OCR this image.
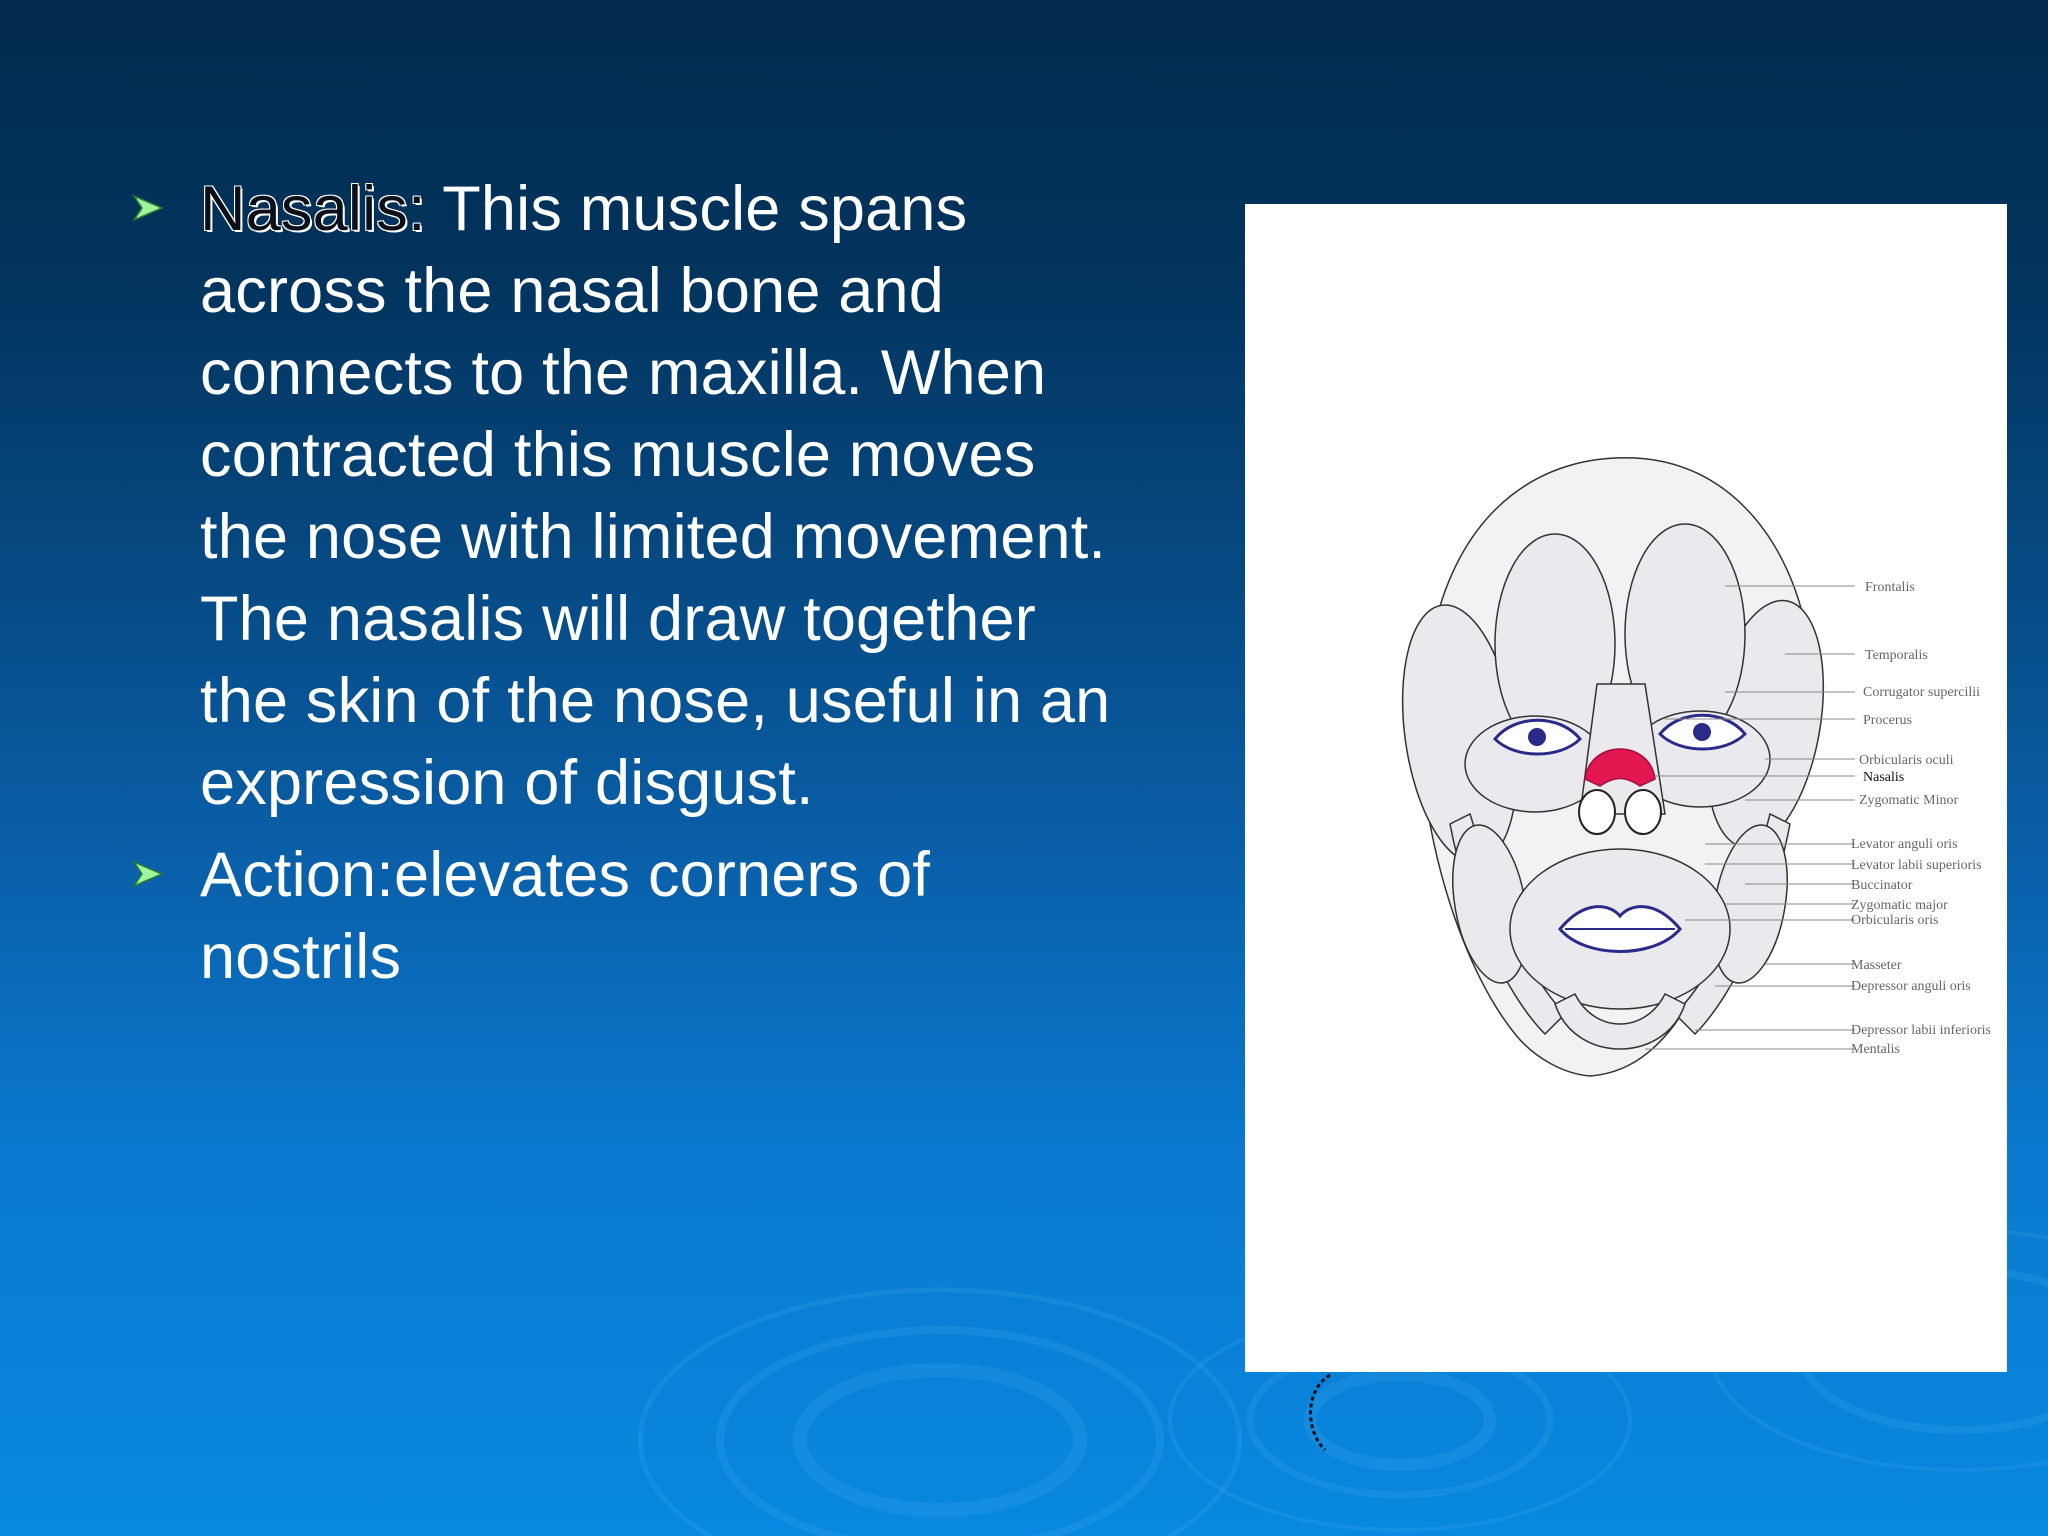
Nasalis: This muscle spans across the nasal bone and connects to the maxilla. When contracted this muscle moves the nose with limited movement. The nasalis will draw together the skin of the nose, useful in an expression of disgust.
Action:elevates corners of nostrils
Frontalis
Temporalis
Corrugator supercilii
Procerus
Orbicularis oculi
Nasalis
Zygomatic Minor
Levator anguli oris
Levator labii superioris
Buccinator
Zygomatic major
Orbicularis oris
Masseter
Depressor anguli oris
Depressor labii inferioris
Mentalis
